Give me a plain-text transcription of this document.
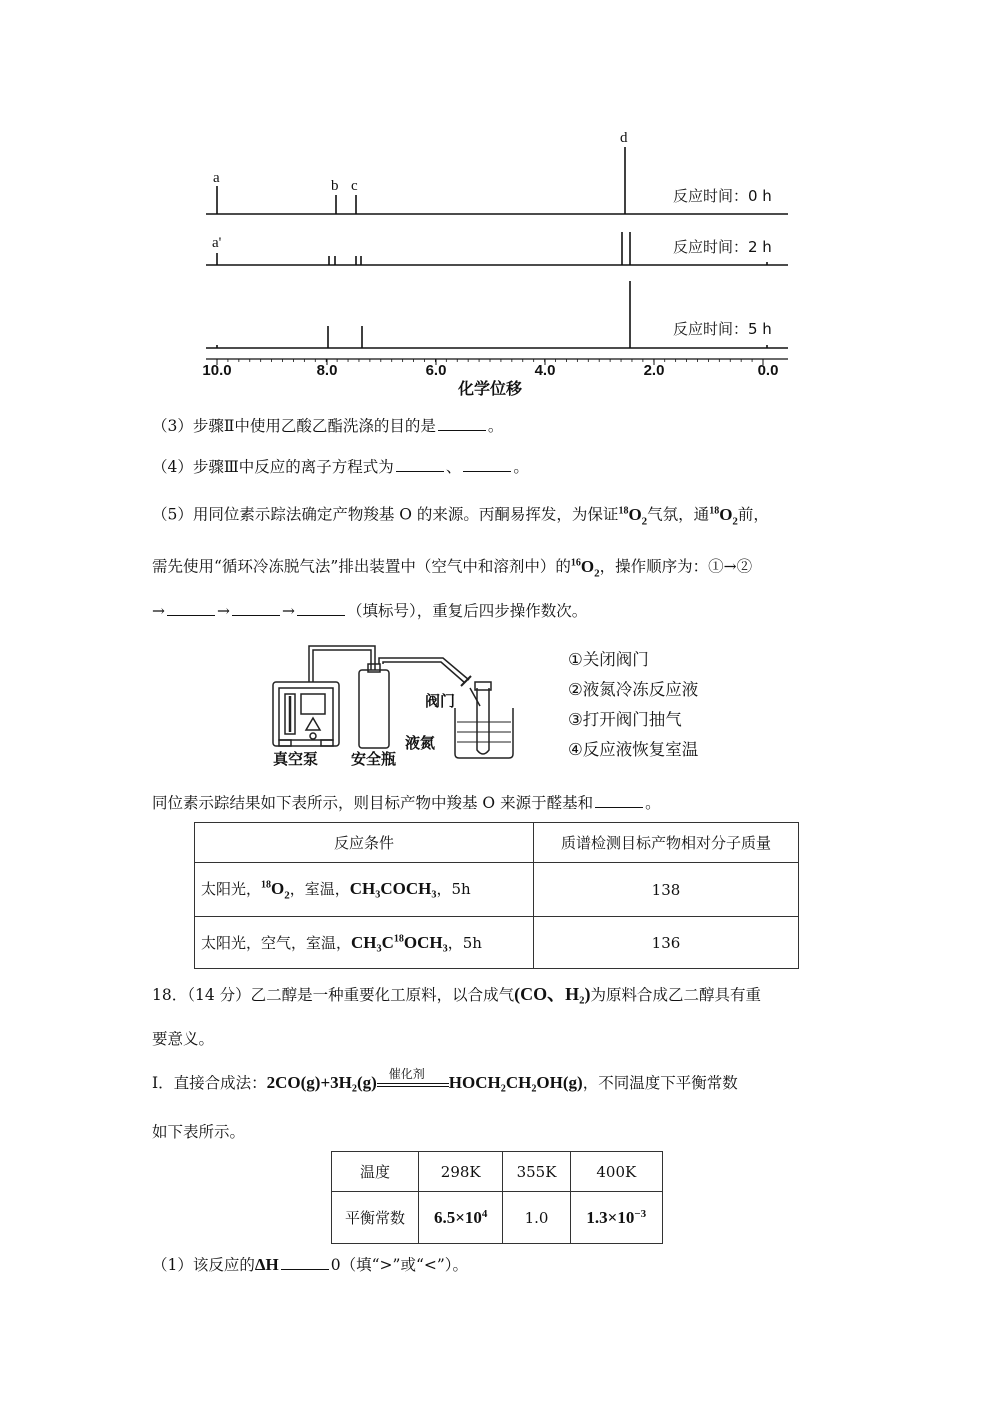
a	b c
d
a'
反应时间：0 h
反应时间：2 h
反应时间：5 h
10.0	8.0	6.0	4.0	2.0	0.0
化学位移
（3）步骤Ⅱ中使用乙酸乙酯洗涤的目的是	。
（4）步骤Ⅲ中反应的离子方程式为	、	。
（5）用同位素示踪法确定产物羧基 O 的来源。丙酮易挥发，为保证$^{18}O_2$气氛，通$^{18}O_2$前，
需先使用“循环冷冻脱气法”排出装置中（空气中和溶剂中）的$^{16}O_2$，操作顺序为：①→②
→	→	→	（填标号），重复后四步操作数次。
真空泵 安全瓶
阀门
液氮
①关闭阀门
②液氮冷冻反应液
③打开阀门抽气
④反应液恢复室温
同位素示踪结果如下表所示，则目标产物中羧基 O 来源于醛基和	。
反应条件	质谱检测目标产物相对分子质量
太阳光，$^{18}O_2$，室温，CH₃COCH₃，5h	138
太阳光，空气，室温，$CH_3C^{18}OCH_3$，5h	136
18．（14 分）乙二醇是一种重要化工原料，以合成气(CO、H₂)为原料合成乙二醇具有重
要意义。
Ⅰ．直接合成法：2CO(g)+3H₂(g) 催化剂 HOCH₂CH₂OH(g)，不同温度下平衡常数
如下表所示。
温度	298K	355K	400K
平衡常数	$6.5\times 10^4$	1.0	$1.3\times 10^{-3}$
（1）该反应的ΔH	0（填“>”或“<”）。
